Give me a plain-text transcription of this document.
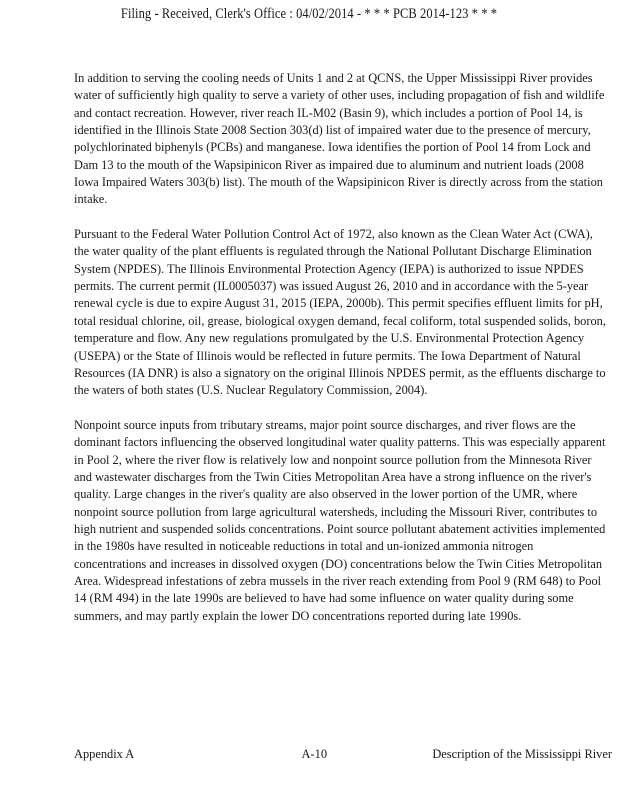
Filing - Received, Clerk's Office : 04/02/2014 - * * * PCB 2014-123 * * *

In addition to serving the cooling needs of Units 1 and 2 at QCNS, the Upper Mississippi River provides water of sufficiently high quality to serve a variety of other uses, including propagation of fish and wildlife and contact recreation. However, river reach IL-M02 (Basin 9), which includes a portion of Pool 14, is identified in the Illinois State 2008 Section 303(d) list of impaired water due to the presence of mercury, polychlorinated biphenyls (PCBs) and manganese. Iowa identifies the portion of Pool 14 from Lock and Dam 13 to the mouth of the Wapsipinicon River as impaired due to aluminum and nutrient loads (2008 Iowa Impaired Waters 303(b) list). The mouth of the Wapsipinicon River is directly across from the station intake.

Pursuant to the Federal Water Pollution Control Act of 1972, also known as the Clean Water Act (CWA), the water quality of the plant effluents is regulated through the National Pollutant Discharge Elimination System (NPDES). The Illinois Environmental Protection Agency (IEPA) is authorized to issue NPDES permits. The current permit (IL0005037) was issued August 26, 2010 and in accordance with the 5-year renewal cycle is due to expire August 31, 2015 (IEPA, 2000b). This permit specifies effluent limits for pH, total residual chlorine, oil, grease, biological oxygen demand, fecal coliform, total suspended solids, boron, temperature and flow. Any new regulations promulgated by the U.S. Environmental Protection Agency (USEPA) or the State of Illinois would be reflected in future permits. The Iowa Department of Natural Resources (IA DNR) is also a signatory on the original Illinois NPDES permit, as the effluents discharge to the waters of both states (U.S. Nuclear Regulatory Commission, 2004).

Nonpoint source inputs from tributary streams, major point source discharges, and river flows are the dominant factors influencing the observed longitudinal water quality patterns. This was especially apparent in Pool 2, where the river flow is relatively low and nonpoint source pollution from the Minnesota River and wastewater discharges from the Twin Cities Metropolitan Area have a strong influence on the river's quality. Large changes in the river's quality are also observed in the lower portion of the UMR, where nonpoint source pollution from large agricultural watersheds, including the Missouri River, contributes to high nutrient and suspended solids concentrations. Point source pollutant abatement activities implemented in the 1980s have resulted in noticeable reductions in total and un-ionized ammonia nitrogen concentrations and increases in dissolved oxygen (DO) concentrations below the Twin Cities Metropolitan Area. Widespread infestations of zebra mussels in the river reach extending from Pool 9 (RM 648) to Pool 14 (RM 494) in the late 1990s are believed to have had some influence on water quality during some summers, and may partly explain the lower DO concentrations reported during late 1990s.

Appendix A	A-10	Description of the Mississippi River
